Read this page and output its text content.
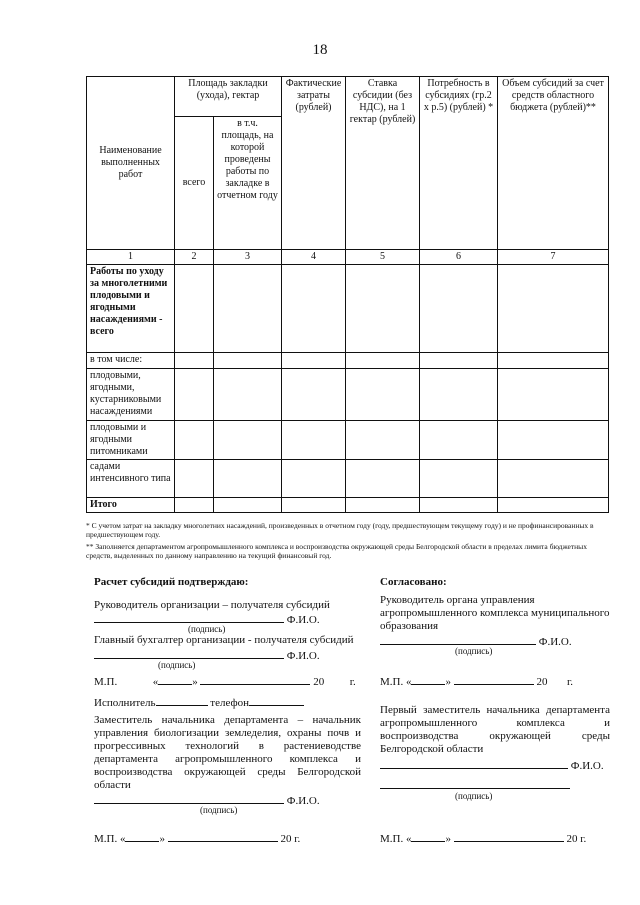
18
Наименование выполненных работ	Площадь закладки (ухода), гектар		Фактические затраты (рублей)	Ставка субсидии (без НДС), на 1 гектар (рублей)	Потребность в субсидиях (гр.2 х р.5) (рублей) *	Объем субсидий за счет средств областного бюджета (рублей)**
	всего	в т.ч. площадь, на которой проведены работы по закладке в отчетном году				
1	2	3	4	5	6	7
Работы по уходу за многолетними плодовыми и ягодными насаждениями - всего						
в том числе:						
плодовыми, ягодными, кустарниковыми насаждениями						
плодовыми и ягодными питомниками						
садами интенсивного типа						
Итого						
* С учетом затрат на закладку многолетних насаждений, произведенных в отчетном году (году, предшествующем текущему году) и не профинансированных в предшествующем году.
** Заполняется департаментом агропромышленного комплекса и воспроизводства окружающей среды Белгородской области в пределах лимита бюджетных средств, выделенных по данному направлению на текущий финансовый год.
Расчет субсидий подтверждаю:
Руководитель организации – получателя субсидий
Ф.И.О.
(подпись)
Главный бухгалтер организации - получателя субсидий
Ф.И.О.
(подпись)
М.П.	«	»	20 г.
Исполнитель	телефон
Заместитель начальника департамента – начальник управления биологизации земледелия, охраны почв и прогрессивных технологий в растениеводстве департамента агропромышленного комплекса и воспроизводства окружающей среды Белгородской области
Ф.И.О.
(подпись)
М.П. «	»	20 г.
Согласовано:
Руководитель органа управления агропромышленного комплекса муниципального образования
Ф.И.О.
(подпись)
М.П. «	»	20 г.
Первый заместитель начальника департамента агропромышленного комплекса и воспроизводства окружающей среды Белгородской области
Ф.И.О.
(подпись)
М.П. «	»	20 г.
